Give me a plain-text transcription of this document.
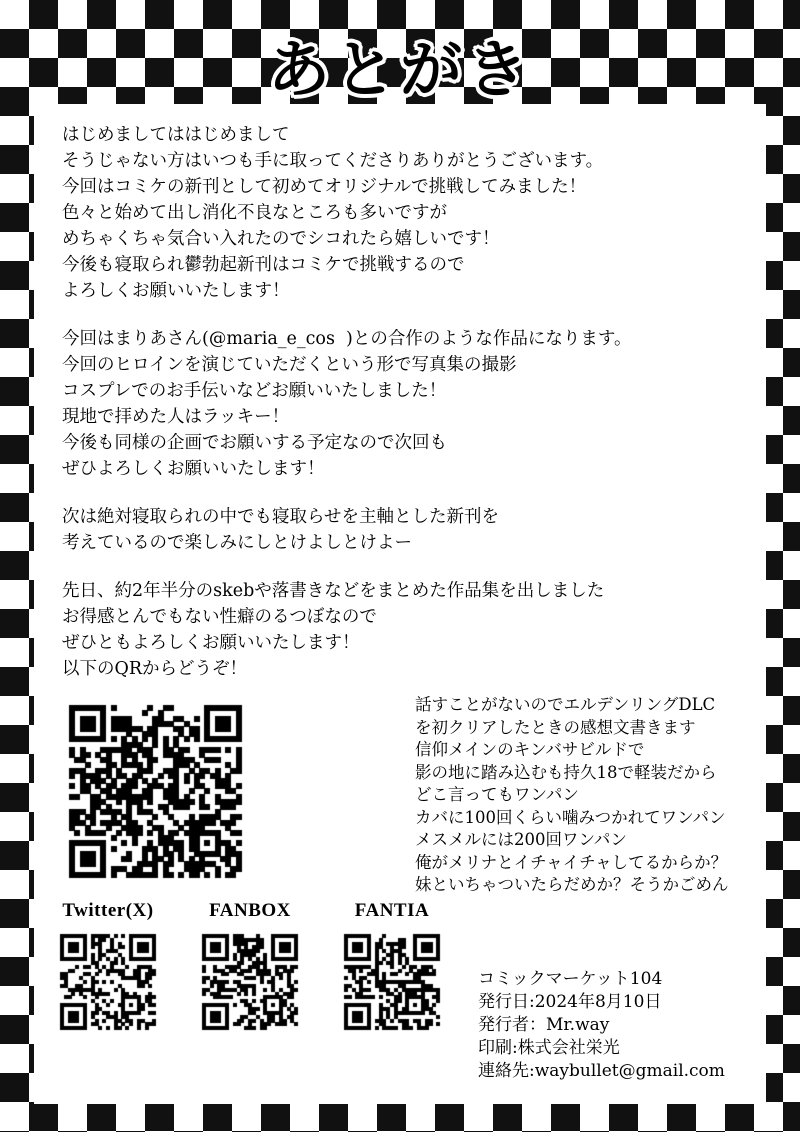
あとがき
はじめましてははじめまして
そうじゃない方はいつも手に取ってくださりありがとうございます。
今回はコミケの新刊として初めてオリジナルで挑戦してみました！
色々と始めて出し消化不良なところも多いですが
めちゃくちゃ気合い入れたのでシコれたら嬉しいです！
今後も寝取られ鬱勃起新刊はコミケで挑戦するので
よろしくお願いいたします！
今回はまりあさん(@maria_e_cos  )との合作のような作品になります。
今回のヒロインを演じていただくという形で写真集の撮影
コスプレでのお手伝いなどお願いいたしました！
現地で拝めた人はラッキー！
今後も同様の企画でお願いする予定なので次回も
ぜひよろしくお願いいたします！
次は絶対寝取られの中でも寝取らせを主軸とした新刊を
考えているので楽しみにしとけよしとけよー
先日、約2年半分のskebや落書きなどをまとめた作品集を出しました
お得感とんでもない性癖のるつぼなので
ぜひともよろしくお願いいたします！
以下のQRからどうぞ！
話すことがないのでエルデンリングDLC
を初クリアしたときの感想文書きます
信仰メインのキンバサビルドで
影の地に踏み込むも持久18で軽装だから
どこ言ってもワンパン
カバに100回くらい噛みつかれてワンパン
メスメルには200回ワンパン
俺がメリナとイチャイチャしてるからか？
妹といちゃついたらだめか？そうかごめん
Twitter(X)	FANBOX	FANTIA
コミックマーケット104
発行日:2024年8月10日
発行者：Mr.way
印刷:株式会社栄光
連絡先:waybullet@gmail.com
